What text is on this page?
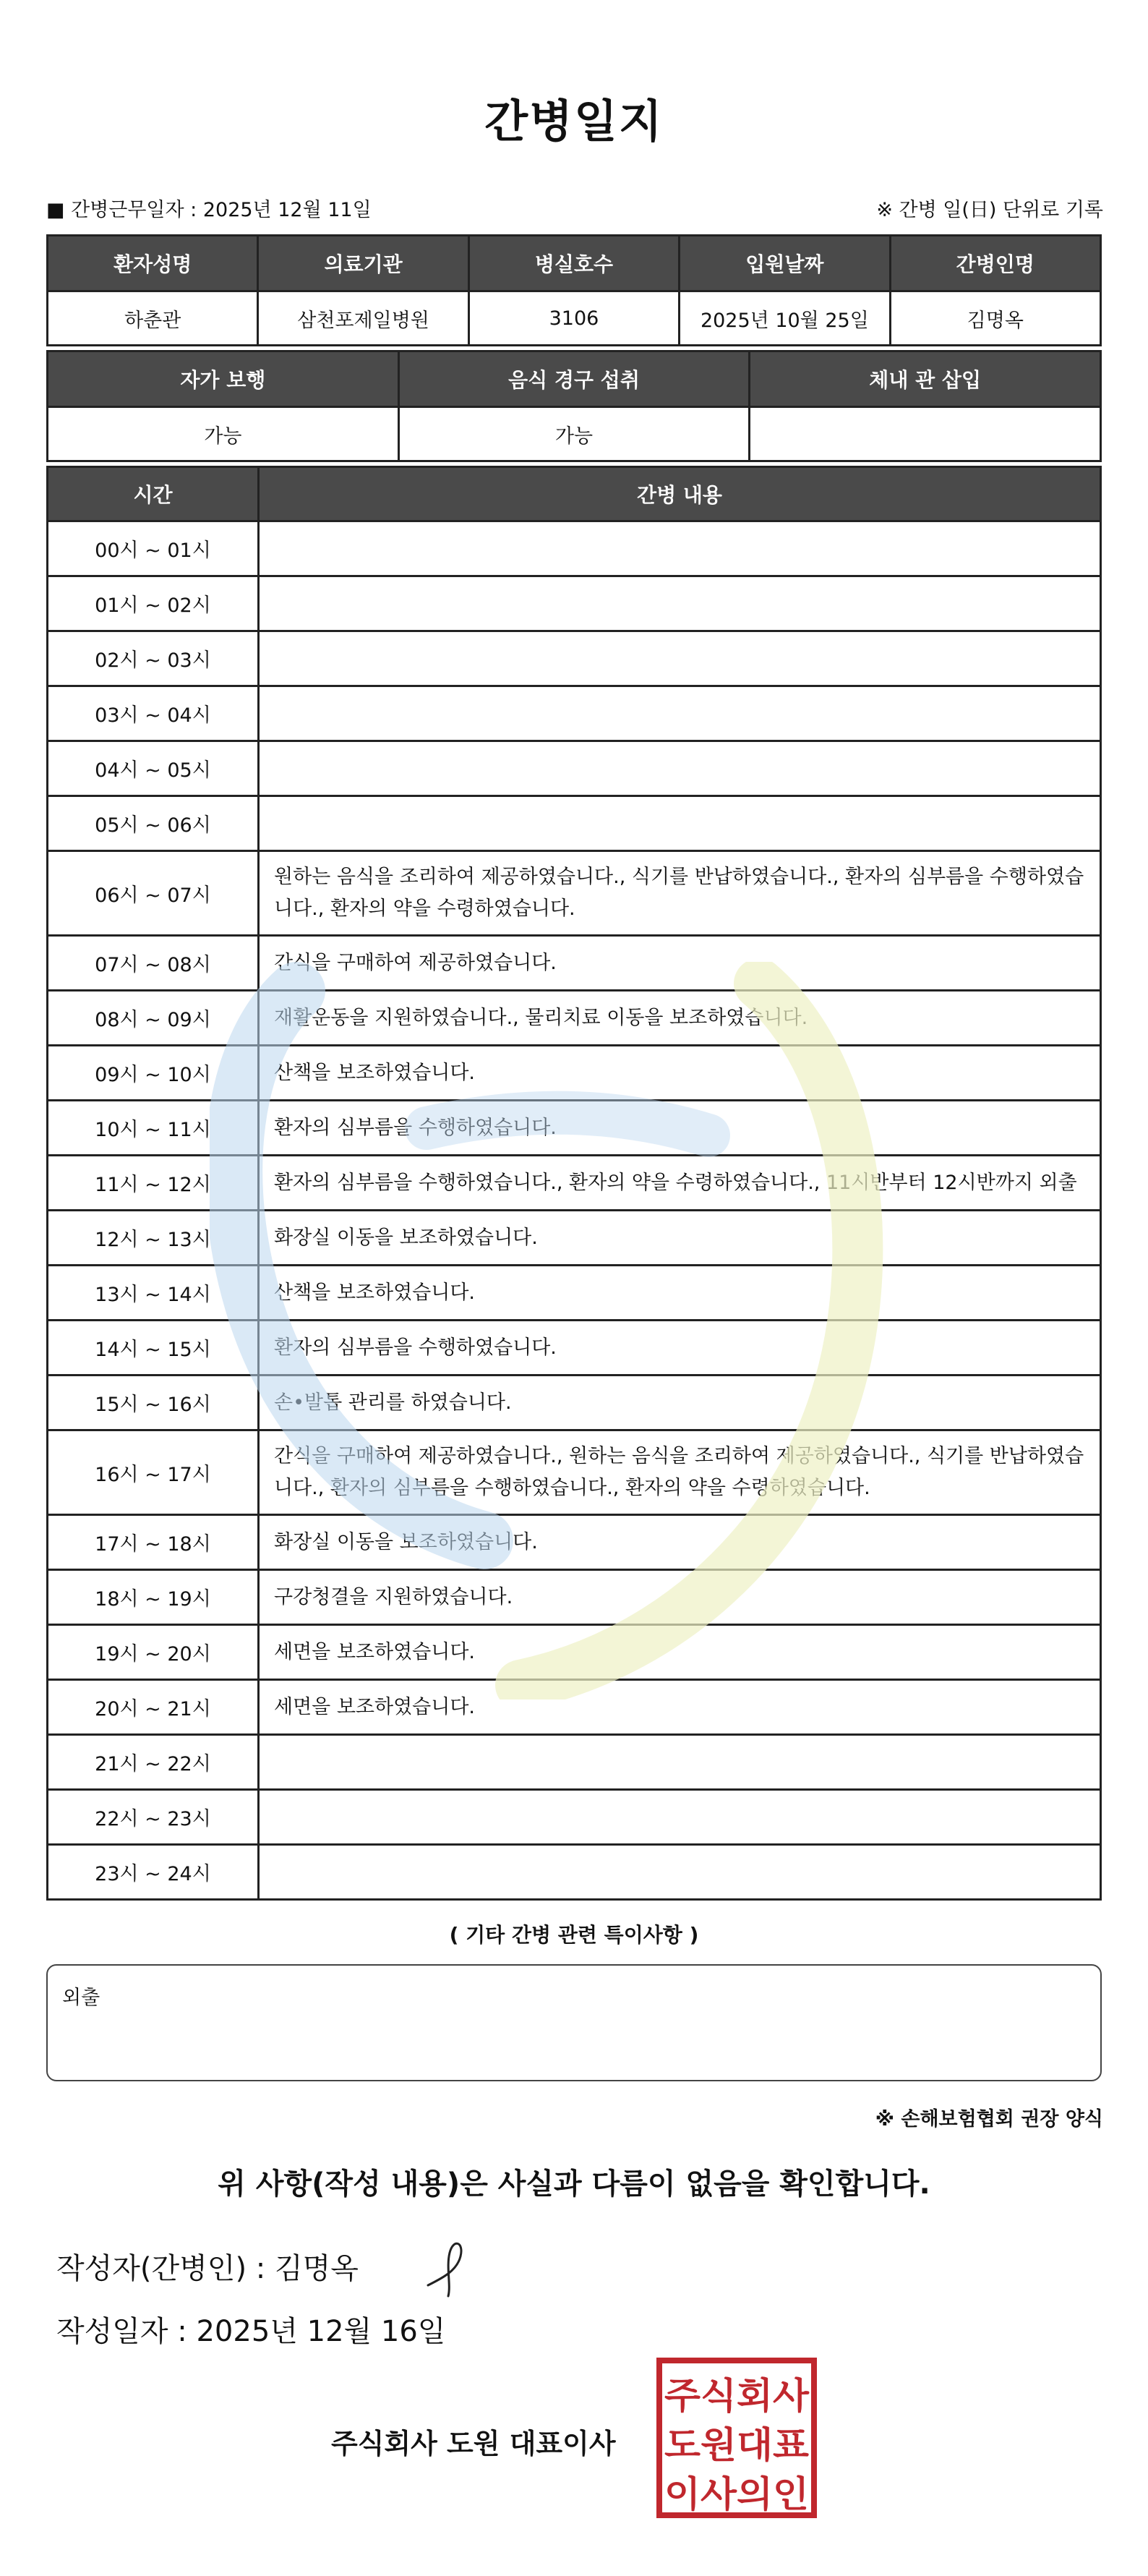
간병일지
■ 간병근무일자 : 2025년 12월 11일	※ 간병 일(日) 단위로 기록
환자성명	의료기관	병실호수	입원날짜	간병인명
하춘관	삼천포제일병원	3106	2025년 10월 25일	김명옥
자가 보행	음식 경구 섭취	체내 관 삽입
가능	가능	
시간	간병 내용
00시 ~ 01시	
01시 ~ 02시	
02시 ~ 03시	
03시 ~ 04시	
04시 ~ 05시	
05시 ~ 06시	
06시 ~ 07시	원하는 음식을 조리하여 제공하였습니다., 식기를 반납하였습니다., 환자의 심부름을 수행하였습니다., 환자의 약을 수령하였습니다.
07시 ~ 08시	간식을 구매하여 제공하였습니다.
08시 ~ 09시	재활운동을 지원하였습니다., 물리치료 이동을 보조하였습니다.
09시 ~ 10시	산책을 보조하였습니다.
10시 ~ 11시	환자의 심부름을 수행하였습니다.
11시 ~ 12시	환자의 심부름을 수행하였습니다., 환자의 약을 수령하였습니다., 11시반부터 12시반까지 외출
12시 ~ 13시	화장실 이동을 보조하였습니다.
13시 ~ 14시	산책을 보조하였습니다.
14시 ~ 15시	환자의 심부름을 수행하였습니다.
15시 ~ 16시	손•발톱 관리를 하였습니다.
16시 ~ 17시	간식을 구매하여 제공하였습니다., 원하는 음식을 조리하여 제공하였습니다., 식기를 반납하였습니다., 환자의 심부름을 수행하였습니다., 환자의 약을 수령하였습니다.
17시 ~ 18시	화장실 이동을 보조하였습니다.
18시 ~ 19시	구강청결을 지원하였습니다.
19시 ~ 20시	세면을 보조하였습니다.
20시 ~ 21시	세면을 보조하였습니다.
21시 ~ 22시	
22시 ~ 23시	
23시 ~ 24시	
( 기타 간병 관련 특이사항 )
외출
※ 손해보험협회 권장 양식
위 사항(작성 내용)은 사실과 다름이 없음을 확인합니다.
작성자(간병인) : 김명옥
작성일자 : 2025년 12월 16일
주식회사 도원 대표이사
주식회사
도원대표
이사의인
